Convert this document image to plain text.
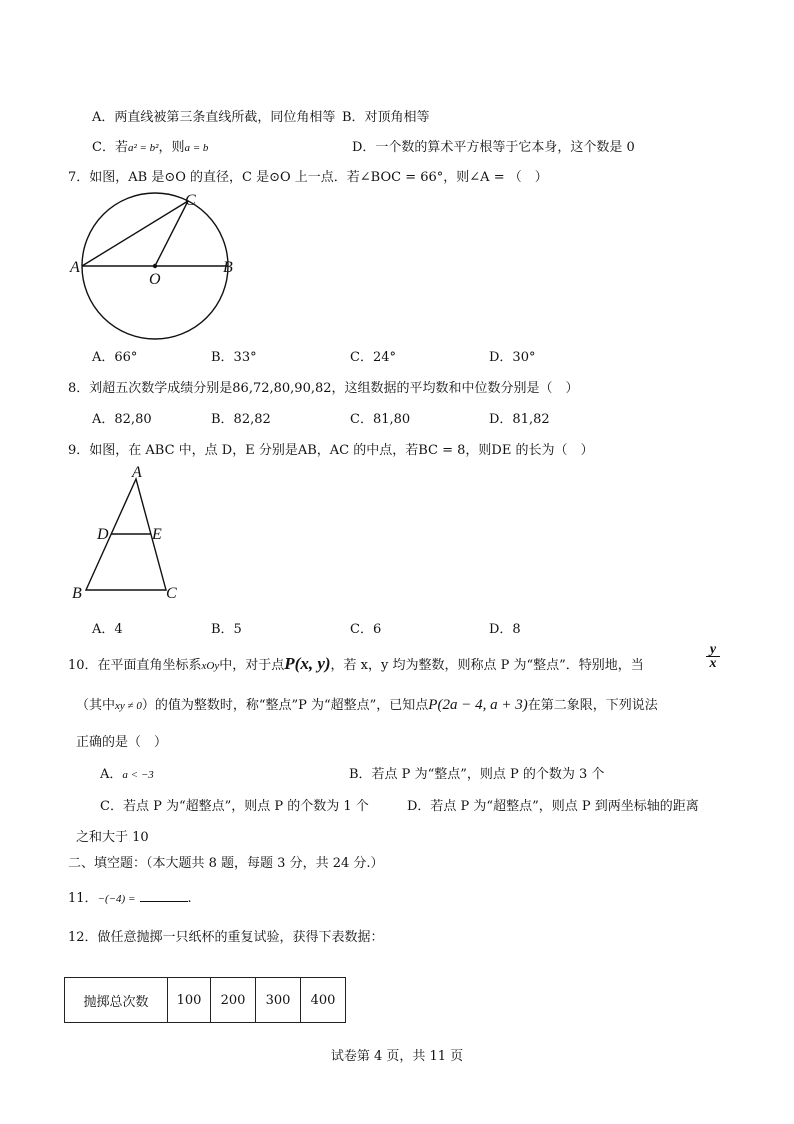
A．两直线被第三条直线所截，同位角相等 B．对顶角相等
C．若a² = b²，则a = b	D．一个数的算术平方根等于它本身，这个数是 0
7．如图，AB 是⊙O 的直径，C 是⊙O 上一点．若∠BOC = 66°，则∠A = （　）
A	B
C
O
A．66°	B．33°	C．24°	D．30°
8．刘超五次数学成绩分别是86,72,80,90,82，这组数据的平均数和中位数分别是（　）
A．82,80	B．82,82	C．81,80	D．81,82
9．如图，在 ABC 中，点 D，E 分别是AB，AC 的中点，若BC = 8，则DE 的长为（　）
A
B	C
D	E
A．4	B．5	C．6	D．8
10．在平面直角坐标系xOy中，对于点P(x, y)，若 x，y 均为整数，则称点 P 为“整点”．特别地，当
y
x
（其中xy ≠ 0）的值为整数时，称“整点”P 为“超整点”，已知点P(2a − 4, a + 3)在第二象限，下列说法
正确的是（　）
A．a < −3	B．若点 P 为“整点”，则点 P 的个数为 3 个
C．若点 P 为“超整点”，则点 P 的个数为 1 个	D．若点 P 为“超整点”，则点 P 到两坐标轴的距离
之和大于 10
二、填空题：（本大题共 8 题，每题 3 分，共 24 分.）
11．−(−4) =	.
12．做任意抛掷一只纸杯的重复试验，获得下表数据：
抛掷总次数	100	200	300	400
试卷第 4 页，共 11 页
